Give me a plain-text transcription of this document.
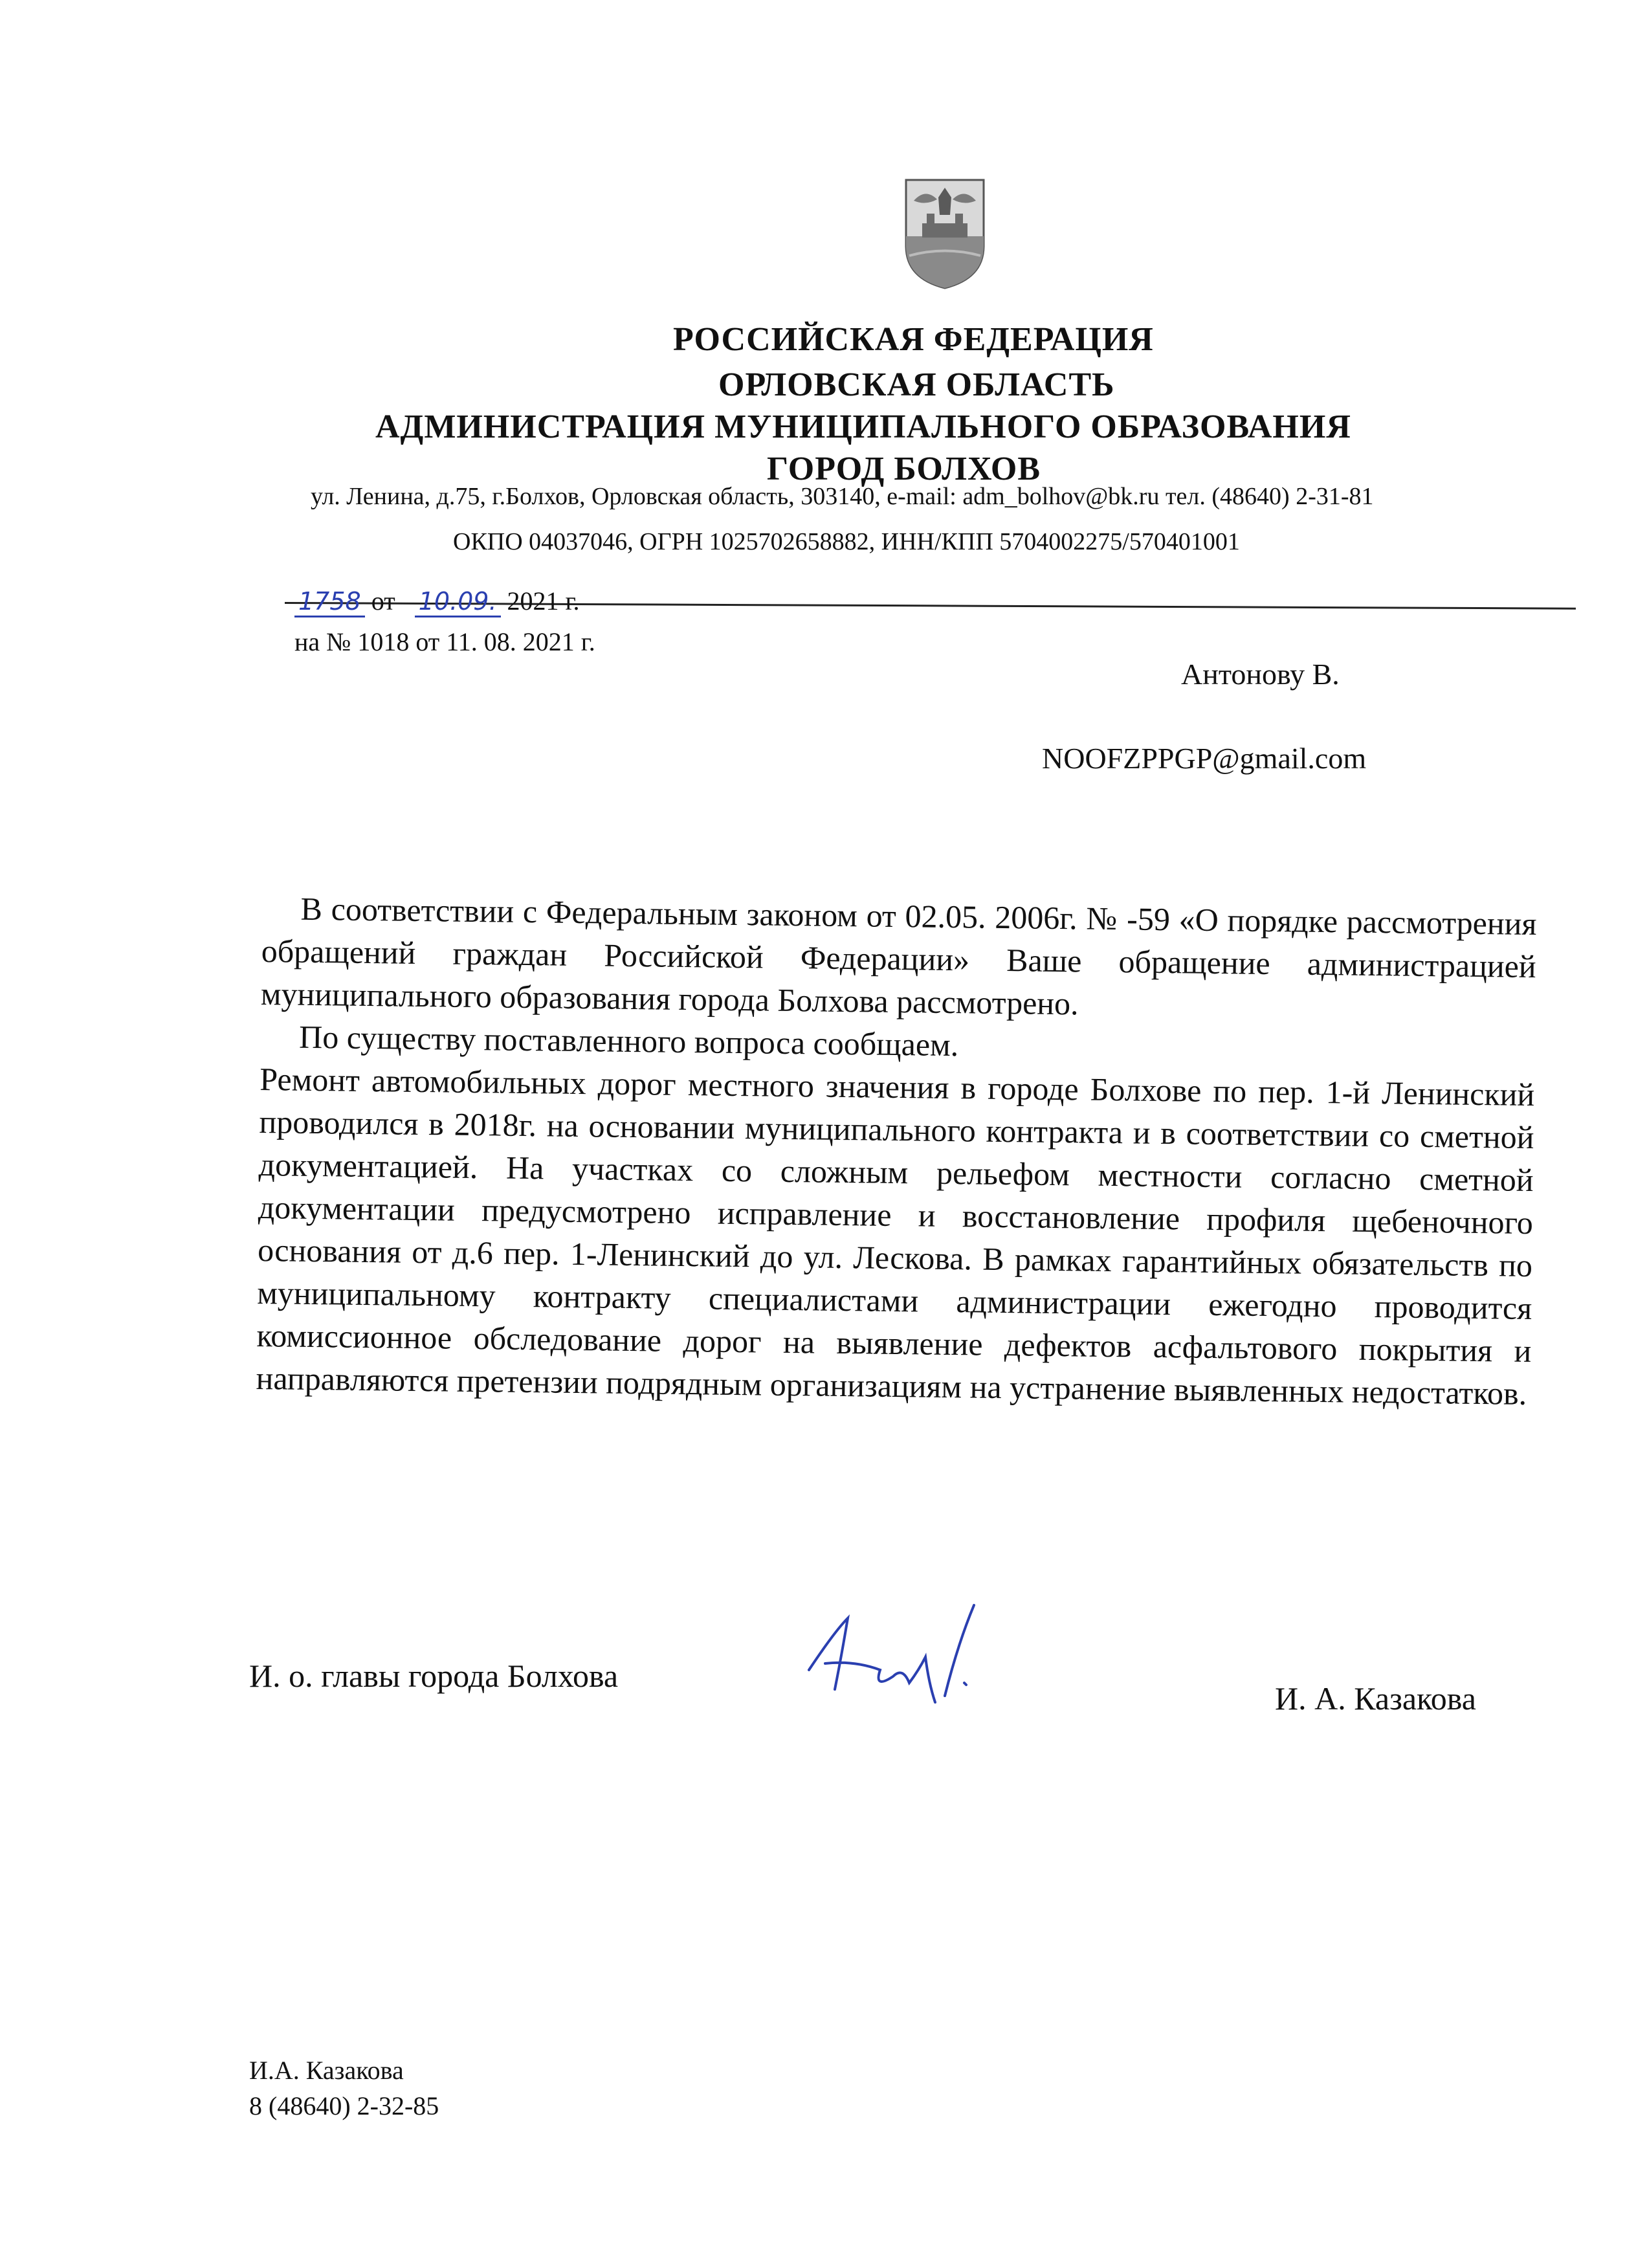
РОССИЙСКАЯ ФЕДЕРАЦИЯ
ОРЛОВСКАЯ ОБЛАСТЬ
АДМИНИСТРАЦИЯ МУНИЦИПАЛЬНОГО ОБРАЗОВАНИЯ
ГОРОД БОЛХОВ
ул. Ленина, д.75, г.Болхов, Орловская область, 303140, e-mail: adm_bolhov@bk.ru тел. (48640) 2-31-81
ОКПО 04037046, ОГРН 1025702658882, ИНН/КПП 5704002275/570401001
1758 от 10.09. 2021 г.
на № 1018 от 11. 08. 2021 г.
Антонову В.
NOOFZPPGP@gmail.com

В соответствии с Федеральным законом от 02.05. 2006г. № -59 «О порядке рассмотрения обращений граждан Российской Федерации» Ваше обращение администрацией муниципального образования города Болхова рассмотрено.

По существу поставленного вопроса сообщаем.

Ремонт автомобильных дорог местного значения в городе Болхове по пер. 1-й Ленинский проводился в 2018г. на основании муниципального контракта и в соответствии со сметной документацией. На участках со сложным рельефом местности согласно сметной документации предусмотрено исправление и восстановление профиля щебеночного основания от д.6 пер. 1-Ленинский до ул. Лескова. В рамках гарантийных обязательств по муниципальному контракту специалистами администрации ежегодно проводится комиссионное обследование дорог на выявление дефектов асфальтового покрытия и направляются претензии подрядным организациям на устранение выявленных недостатков.

И. о. главы города Болхова
И. А. Казакова
И.А. Казакова
8 (48640) 2-32-85
